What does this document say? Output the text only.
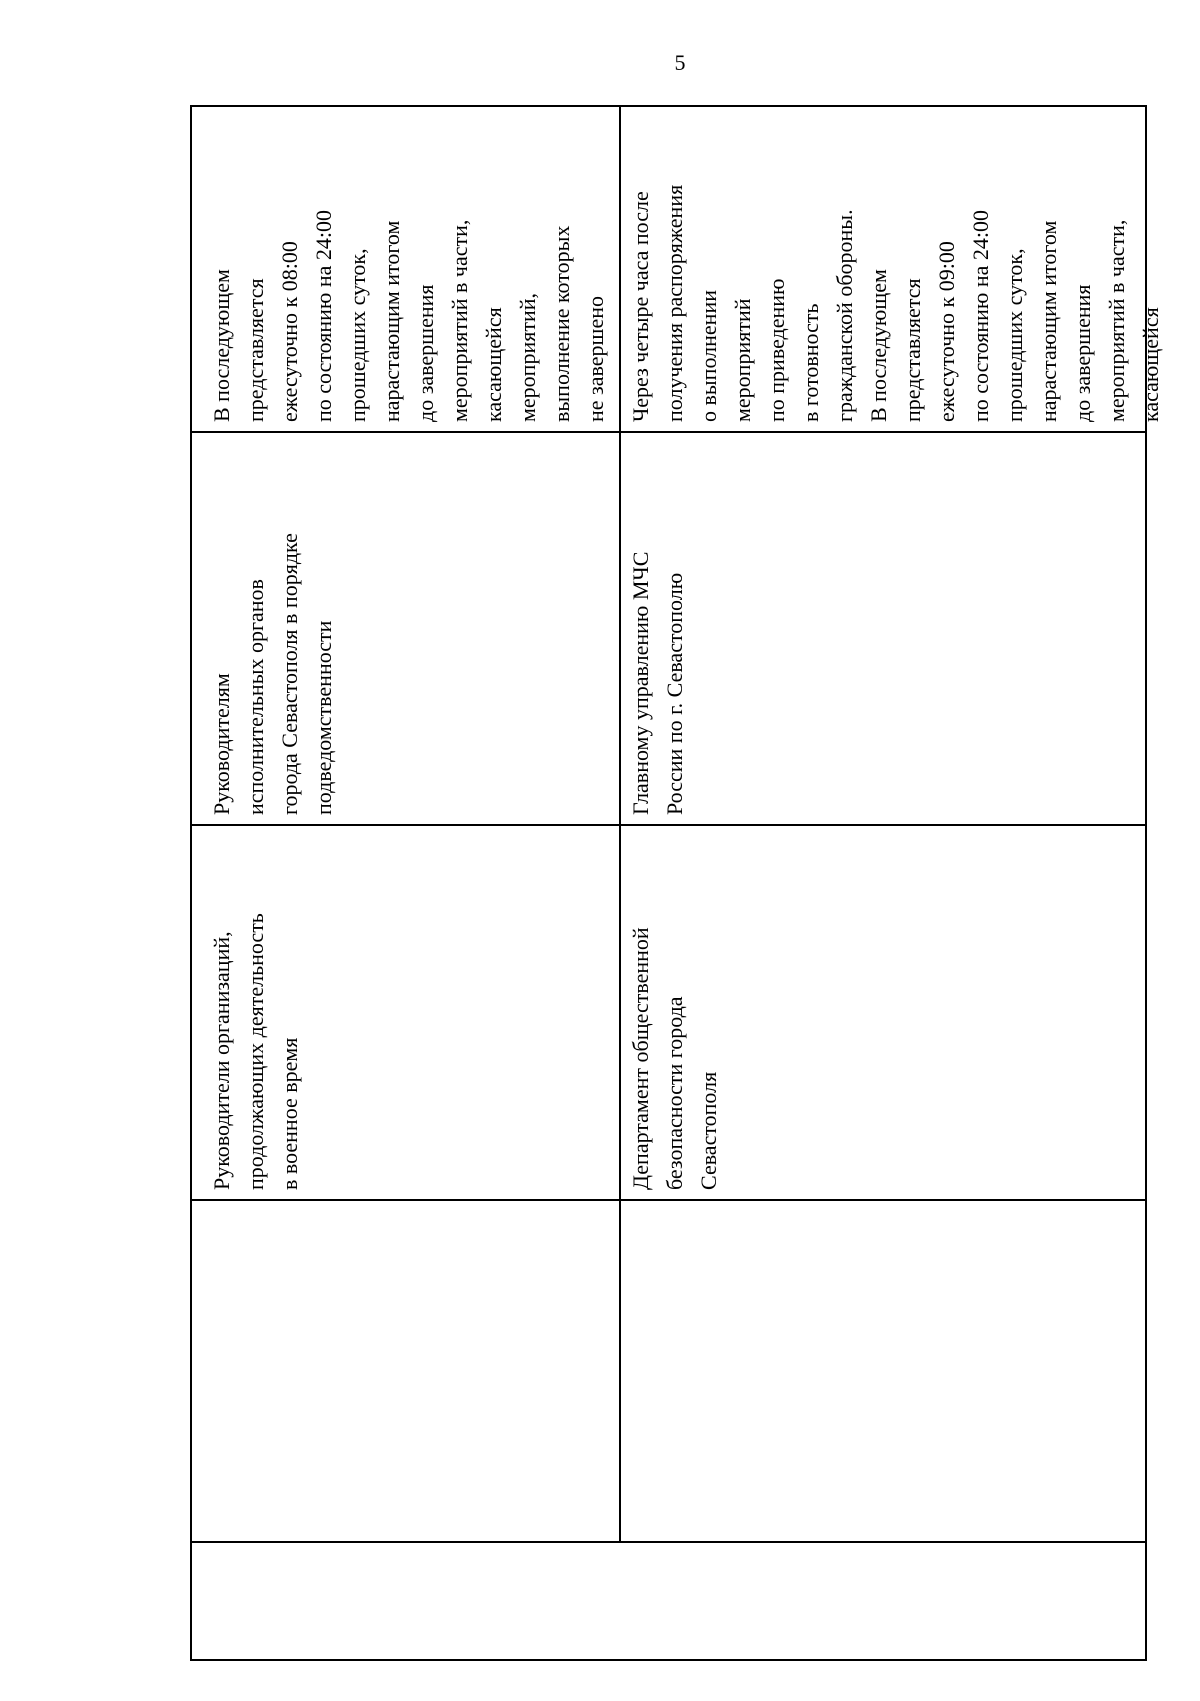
5
Руководители организаций, продолжающих деятельность в военное время
Руководителям исполнительных органов города Севастополя в порядке подведомственности
В последующем представляется ежесуточно к 08:00 по состоянию на 24:00 прошедших суток, нарастающим итогом до завершения мероприятий в части, касающейся мероприятий, выполнение которых не завершено
Департамент общественной безопасности города Севастополя
Главному управлению МЧС России по г. Севастополю
Через четыре часа после получения распоряжения о выполнении мероприятий по приведению в готовность гражданской обороны. В последующем представляется ежесуточно к 09:00 по состоянию на 24:00 прошедших суток, нарастающим итогом до завершения мероприятий в части, касающейся
